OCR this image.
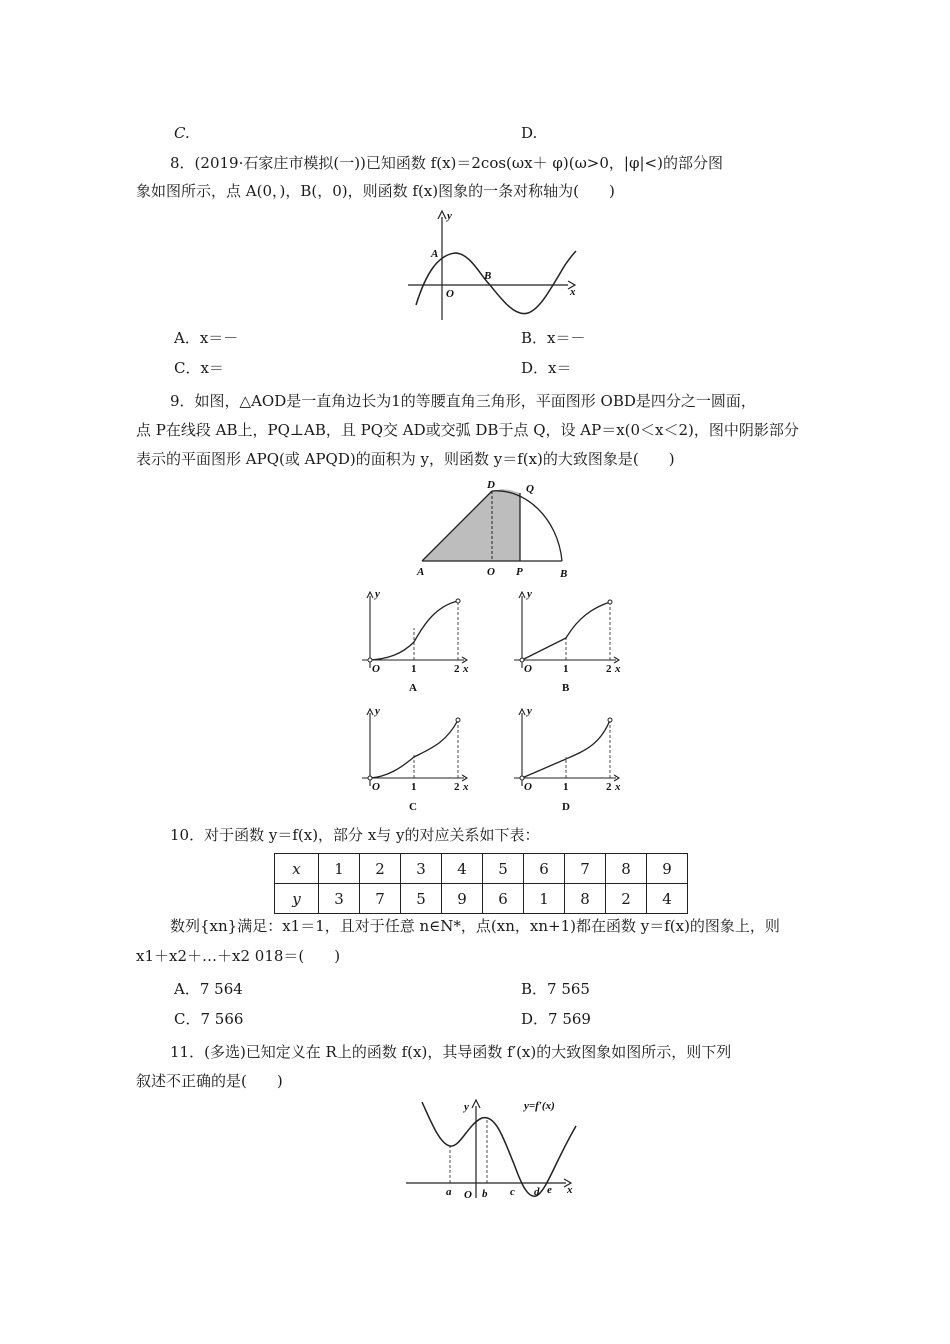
C.	D.
8．(2019·石家庄市模拟(一))已知函数 f(x)＝2cos(ωx＋ φ)(ω>0，|φ|<)的部分图
象如图所示，点 A(0，)，B(，0)，则函数 f(x)图象的一条对称轴为(　　)
y
x
A
B
O
A．x＝－	B．x＝－
C．x＝	D．x＝
9．如图，△AOD是一直角边长为1的等腰直角三角形，平面图形 OBD是四分之一圆面，
点 P在线段 AB上，PQ⊥AB，且 PQ交 AD或交弧 DB于点 Q，设 AP＝x(0＜x＜2)，图中阴影部分
表示的平面图形 APQ(或 APQD)的面积为 y，则函数 y＝f(x)的大致图象是(　　)
D	Q
A	O P	B
y
O	1	2 x
A
y
O	1	2 x
B
y
O	1	2 x
C
y
O	1	2 x
D
10．对于函数 y＝f(x)，部分 x与 y的对应关系如下表：
x	1	2	3	4	5	6	7	8	9
y	3	7	5	9	6	1	8	2	4
数列{xn}满足：x1＝1，且对于任意 n∈N*，点(xn，xn+1)都在函数 y＝f(x)的图象上，则
x1＋x2＋…＋x2 018＝(　　)
A．7 564	B．7 565
C．7 566	D．7 569
11．(多选)已知定义在 R上的函数 f(x)，其导函数 f′(x)的大致图象如图所示，则下列
叙述不正确的是(　　)
y	y=f′(x)
x
a O b c d e
